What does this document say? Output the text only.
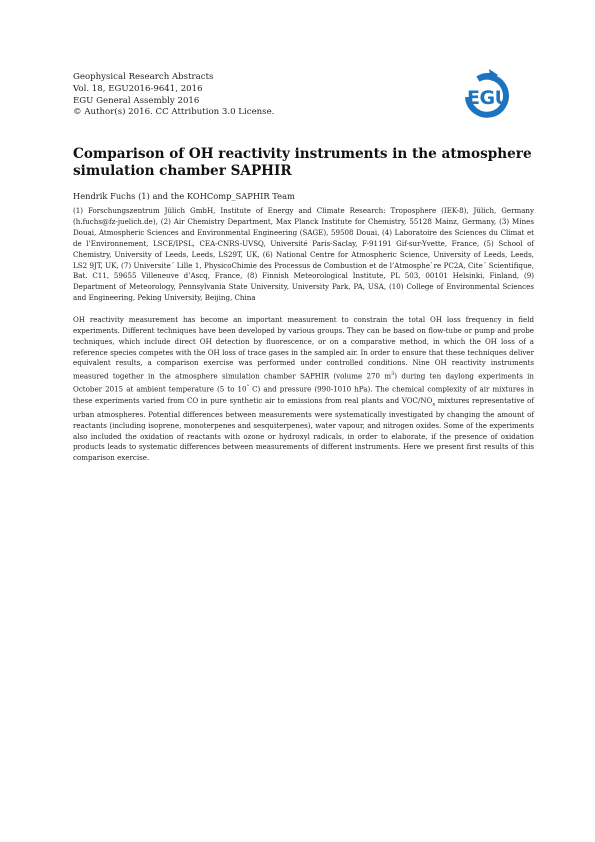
Geophysical Research Abstracts
Vol. 18, EGU2016-9641, 2016
EGU General Assembly 2016
© Author(s) 2016. CC Attribution 3.0 License.
EGU
Comparison of OH reactivity instruments in the atmosphere simulation chamber SAPHIR
Hendrik Fuchs (1) and the KOHComp_SAPHIR Team
(1) Forschungszentrum Jülich GmbH, Institute of Energy and Climate Research: Troposphere (IEK-8), Jülich, Germany (h.fuchs@fz-juelich.de), (2) Air Chemistry Department, Max Planck Institute for Chemistry, 55128 Mainz, Germany, (3) Mines Douai, Atmospheric Sciences and Environmental Engineering (SAGE), 59508 Douai, (4) Laboratoire des Sciences du Climat et de l’Environnement, LSCE/IPSL, CEA-CNRS-UVSQ, Université Paris-Saclay, F-91191 Gif-sur-Yvette, France, (5) School of Chemistry, University of Leeds, Leeds, LS29T, UK, (6) National Centre for Atmospheric Science, University of Leeds, Leeds, LS2 9JT, UK, (7) Universite´ Lille 1, PhysicoChimie des Processus de Combustion et de l’Atmosphe`re PC2A, Cite´ Scientifique, Bat. C11, 59655 Villeneuve d’Ascq, France, (8) Finnish Meteorological Institute, PL 503, 00101 Helsinki, Finland, (9) Department of Meteorology, Pennsylvania State University, University Park, PA, USA, (10) College of Environmental Sciences and Engineering, Peking University, Beijing, China
OH reactivity measurement has become an important measurement to constrain the total OH loss frequency in field experiments. Different techniques have been developed by various groups. They can be based on flow-tube or pump and probe techniques, which include direct OH detection by fluorescence, or on a comparative method, in which the OH loss of a reference species competes with the OH loss of trace gases in the sampled air. In order to ensure that these techniques deliver equivalent results, a comparison exercise was performed under controlled conditions. Nine OH reactivity instruments measured together in the atmosphere simulation chamber SAPHIR (volume 270 $m^3$) during ten daylong experiments in October 2015 at ambient temperature (5 to 10° C) and pressure (990-1010 hPa). The chemical complexity of air mixtures in these experiments varied from CO in pure synthetic air to emissions from real plants and VOC/$NO_x$ mixtures representative of urban atmospheres. Potential differences between measurements were systematically investigated by changing the amount of reactants (including isoprene, monoterpenes and sesquiterpenes), water vapour, and nitrogen oxides. Some of the experiments also included the oxidation of reactants with ozone or hydroxyl radicals, in order to elaborate, if the presence of oxidation products leads to systematic differences between measurements of different instruments. Here we present first results of this comparison exercise.
